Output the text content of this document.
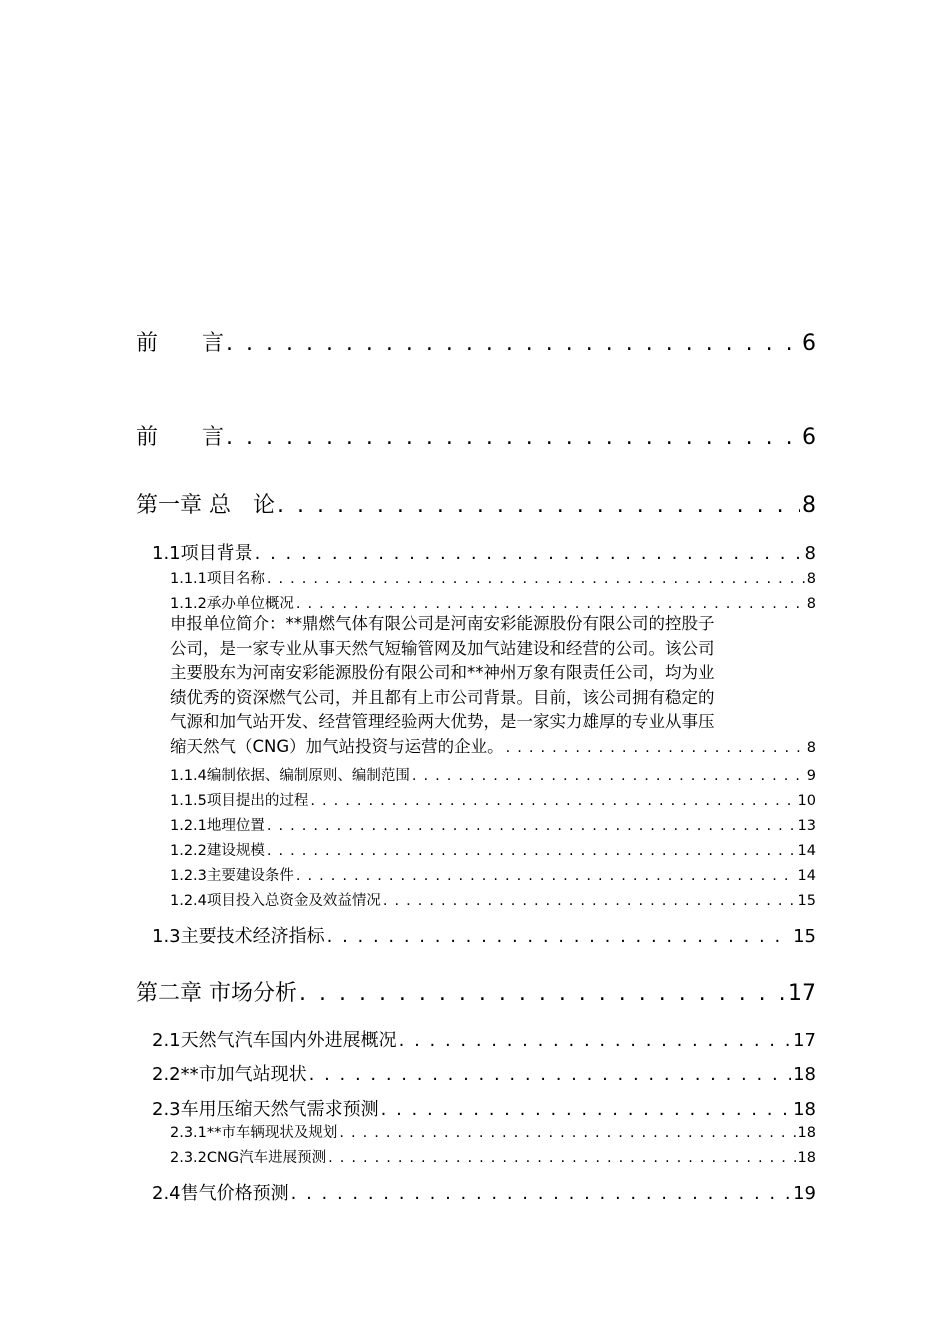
前　　言 . . .	6
前　　言 . . .	6
第一章 总　论 . . .	8
1.1项目背景 . . .	8
1.1.1项目名称 . . .	8
1.1.2承办单位概况 . . .	8
申报单位简介：**鼎燃气体有限公司是河南安彩能源股份有限公司的控股子
公司，是一家专业从事天然气短输管网及加气站建设和经营的公司。该公司
主要股东为河南安彩能源股份有限公司和**神州万象有限责任公司，均为业
绩优秀的资深燃气公司，并且都有上市公司背景。目前，该公司拥有稳定的
气源和加气站开发、经营管理经验两大优势，是一家实力雄厚的专业从事压
缩天然气（CNG）加气站投资与运营的企业。 . . .	8
1.1.4编制依据、编制原则、编制范围 . . .	9
1.1.5项目提出的过程 . . .	10
1.2.1地理位置 . . .	13
1.2.2建设规模 . . .	14
1.2.3主要建设条件 . . .	14
1.2.4项目投入总资金及效益情况 . . .	15
1.3主要技术经济指标 . . .	15
第二章 市场分析 . . .	17
2.1天然气汽车国内外进展概况 . . .	17
2.2**市加气站现状 . . .	18
2.3车用压缩天然气需求预测 . . .	18
2.3.1**市车辆现状及规划 . . .	18
2.3.2CNG汽车进展预测 . . .	18
2.4售气价格预测 . . .	19
